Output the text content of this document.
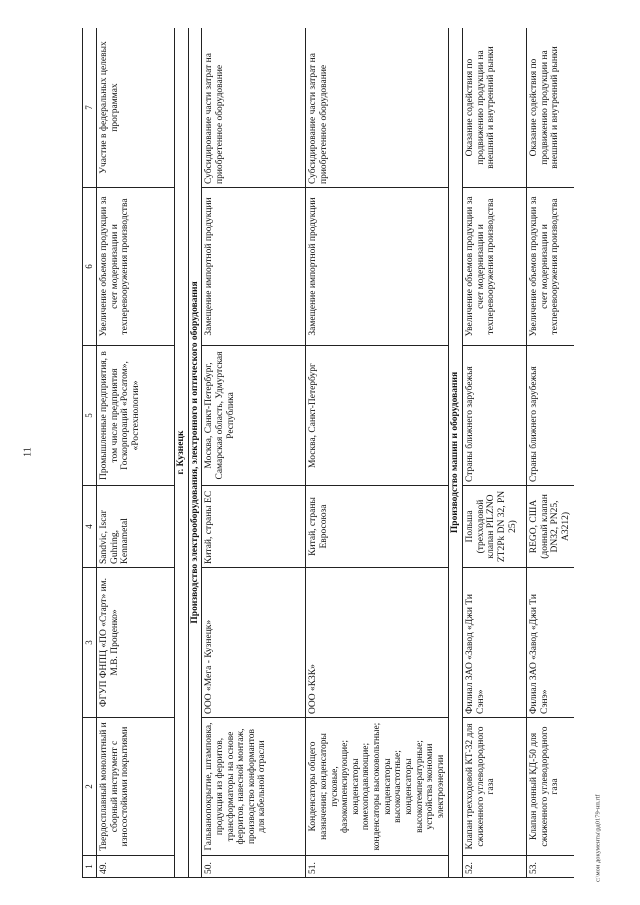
11
1	2	3	4	5	6	7
49.	Твердосплавный монолитный и сборный инструмент с износостойкими покрытиями	ФГУП ФНПЦ «ПО «Старт» им. М.В. Проценко»	Sandvic, Iscar Guhring, Kennametal	Промышленные предприятия, в том числе предприятия Госкорпораций «Росатом», «Ростехнологии»	Увеличение объемов продукции за счет модернизации и техперевооружения производства	Участие в федеральных целевых программах
г. Кузнецк						
Производство электрооборудования, электронного и оптического оборудования						
50.	Гальванопокрытие, штамповка, продукция из ферритов, трансформаторы на основе ферритов, навесной монтаж, производство конформантов для кабельной отрасли	ООО «Мега - Кузнецк»	Китай, страны ЕС	Москва, Санкт-Петербург, Самарская область, Удмуртская Республика	Замещение импортной продукции	Субсидирование части затрат на приобретенное оборудование
51.	Конденсаторы общего назначения; конденсаторы пусковые, фазокомпенсирующие; конденсаторы помехоподавляющие; конденсаторы высоковольтные; конденсаторы высокочастотные; конденсаторы высокотемпературные; устройства экономии электроэнергии	ООО «КЗК»	Китай, страны Евросоюза	Москва, Санкт-Петербург	Замещение импортной продукции	Субсидирование части затрат на приобретенное оборудование
Производство машин и оборудования						
52.	Клапан трехходовой КТ-32 для сжиженного углеводородного газа	Филиал ЗАО «Завод «Джи Ти Сэнэ»	Польша (трехходовой клапан PILZNO ZT2Pk DN 32, PN 25)	Страны ближнего зарубежья	Увеличение объемов продукции за счет модернизации и техперевооружения производства	Оказание содействия по продвижению продукции на внешний и внутренний рынки
53.	Клапан донный КД-50 для сжиженного углеводородного газа	Филиал ЗАО «Завод «Джи Ти Сэнэ»	REGO, США (донный клапан DN32, PN25, A3212)	Страны ближнего зарубежья	Увеличение объемов продукции за счет модернизации и техперевооружения производства	Оказание содействия по продвижению продукции на внешний и внутренний рынки
c:\мои документы\рд0179-нп.rtf
